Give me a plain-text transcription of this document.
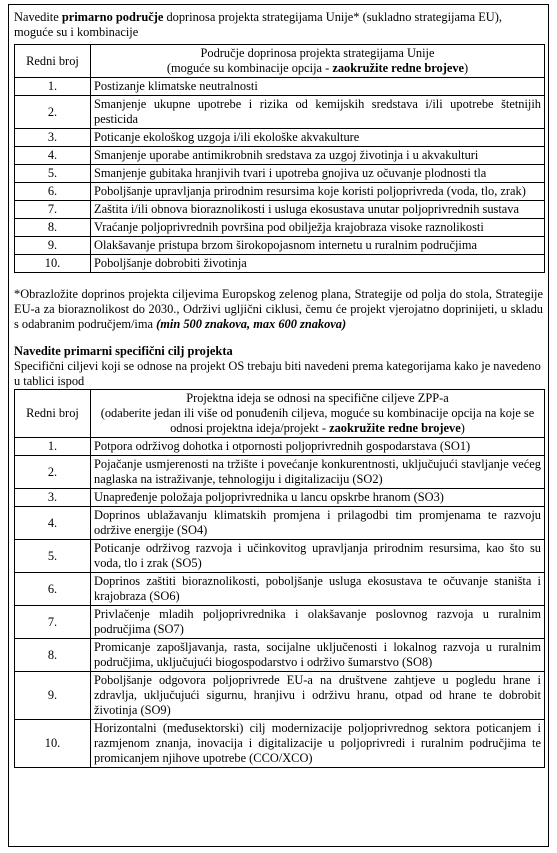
Navedite primarno područje doprinosa projekta strategijama Unije* (sukladno strategijama EU), moguće su i kombinacije
Redni broj	Područje doprinosa projekta strategijama Unije
(moguće su kombinacije opcija - zaokružite redne brojeve)

1.	Postizanje klimatske neutralnosti
2.	Smanjenje ukupne upotrebe i rizika od kemijskih sredstava i/ili upotrebe štetnijih pesticida
3.	Poticanje ekološkog uzgoja i/ili ekološke akvakulture
4.	Smanjenje uporabe antimikrobnih sredstava za uzgoj životinja i u akvakulturi
5.	Smanjenje gubitaka hranjivih tvari i upotreba gnojiva uz očuvanje plodnosti tla
6.	Poboljšanje upravljanja prirodnim resursima koje koristi poljoprivreda (voda, tlo, zrak)
7.	Zaštita i/ili obnova bioraznolikosti i usluga ekosustava unutar poljoprivrednih sustava
8.	Vraćanje poljoprivrednih površina pod obilježja krajobraza visoke raznolikosti
9.	Olakšavanje pristupa brzom širokopojasnom internetu u ruralnim područjima
10.	Poboljšanje dobrobiti životinja
*Obrazložite doprinos projekta ciljevima Europskog zelenog plana, Strategije od polja do stola, Strategije EU-a za bioraznolikost do 2030., Održivi ugljični ciklusi, čemu će projekt vjerojatno doprinijeti, u skladu s odabranim područjem/ima (min 500 znakova, max 600 znakova)
Navedite primarni specifični cilj projekta
Specifični ciljevi koji se odnose na projekt OS trebaju biti navedeni prema kategorijama kako je navedeno u tablici ispod
Redni broj	Projektna ideja se odnosi na specifične ciljeve ZPP-a
(odaberite jedan ili više od ponuđenih ciljeva, moguće su kombinacije opcija na koje se odnosi projektna ideja/projekt - zaokružite redne brojeve)

1.	Potpora održivog dohotka i otpornosti poljoprivrednih gospodarstava (SO1)
2.	Pojačanje usmjerenosti na tržište i povećanje konkurentnosti, uključujući stavljanje većeg naglaska na istraživanje, tehnologiju i digitalizaciju (SO2)
3.	Unapređenje položaja poljoprivrednika u lancu opskrbe hranom (SO3)
4.	Doprinos ublažavanju klimatskih promjena i prilagodbi tim promjenama te razvoju održive energije (SO4)
5.	Poticanje održivog razvoja i učinkovitog upravljanja prirodnim resursima, kao što su voda, tlo i zrak (SO5)
6.	Doprinos zaštiti bioraznolikosti, poboljšanje usluga ekosustava te očuvanje staništa i krajobraza (SO6)
7.	Privlačenje mladih poljoprivrednika i olakšavanje poslovnog razvoja u ruralnim područjima (SO7)
8.	Promicanje zapošljavanja, rasta, socijalne uključenosti i lokalnog razvoja u ruralnim područjima, uključujući biogospodarstvo i održivo šumarstvo (SO8)
9.	Poboljšanje odgovora poljoprivrede EU-a na društvene zahtjeve u pogledu hrane i zdravlja, uključujući sigurnu, hranjivu i održivu hranu, otpad od hrane te dobrobit životinja (SO9)
10.	Horizontalni (međusektorski) cilj modernizacije poljoprivrednog sektora poticanjem i razmjenom znanja, inovacija i digitalizacije u poljoprivredi i ruralnim područjima te promicanjem njihove upotrebe (CCO/XCO)
